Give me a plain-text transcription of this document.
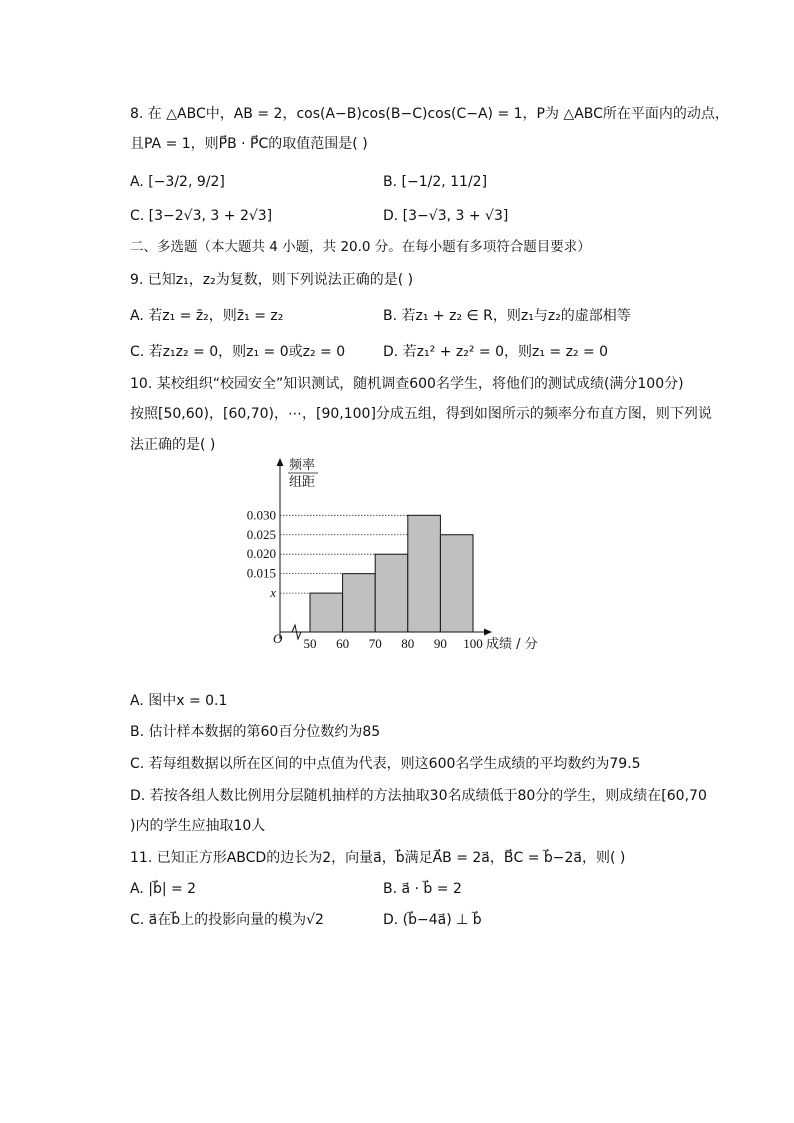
8. 在 △ABC中，AB = 2，cos(A−B)cos(B−C)cos(C−A) = 1，P为 △ABC所在平面内的动点，
且PA = 1，则P⃗B · P⃗C的取值范围是( )
A. [−3/2, 9/2]	B. [−1/2, 11/2]
C. [3−2√3, 3 + 2√3]	D. [3−√3, 3 + √3]
二、多选题（本大题共 4 小题，共 20.0 分。在每小题有多项符合题目要求）
9. 已知z₁，z₂为复数，则下列说法正确的是( )
A. 若z₁ = z̄₂，则z̄₁ = z₂	B. 若z₁ + z₂ ∈ R，则z₁与z₂的虚部相等
C. 若z₁z₂ = 0，则z₁ = 0或z₂ = 0	D. 若z₁² + z₂² = 0，则z₁ = z₂ = 0
10. 某校组织“校园安全”知识测试，随机调查600名学生，将他们的测试成绩(满分100分)
按照[50,60)，[60,70)，⋯，[90,100]分成五组，得到如图所示的频率分布直方图，则下列说
法正确的是( )
频率
组距
O	成绩 / 分
x
0.015
0.020
0.025
0.030
50 60 70 80 90 100
A. 图中x = 0.1
B. 估计样本数据的第60百分位数约为85
C. 若每组数据以所在区间的中点值为代表，则这600名学生成绩的平均数约为79.5
D. 若按各组人数比例用分层随机抽样的方法抽取30名成绩低于80分的学生，则成绩在[60,70
)内的学生应抽取10人
11. 已知正方形ABCD的边长为2，向量a⃗，b⃗满足A⃗B = 2a⃗，B⃗C = b⃗−2a⃗，则( )
A. |b⃗| = 2	B. a⃗ · b⃗ = 2
C. a⃗在b⃗上的投影向量的模为√2	D. (b⃗−4a⃗) ⊥ b⃗
